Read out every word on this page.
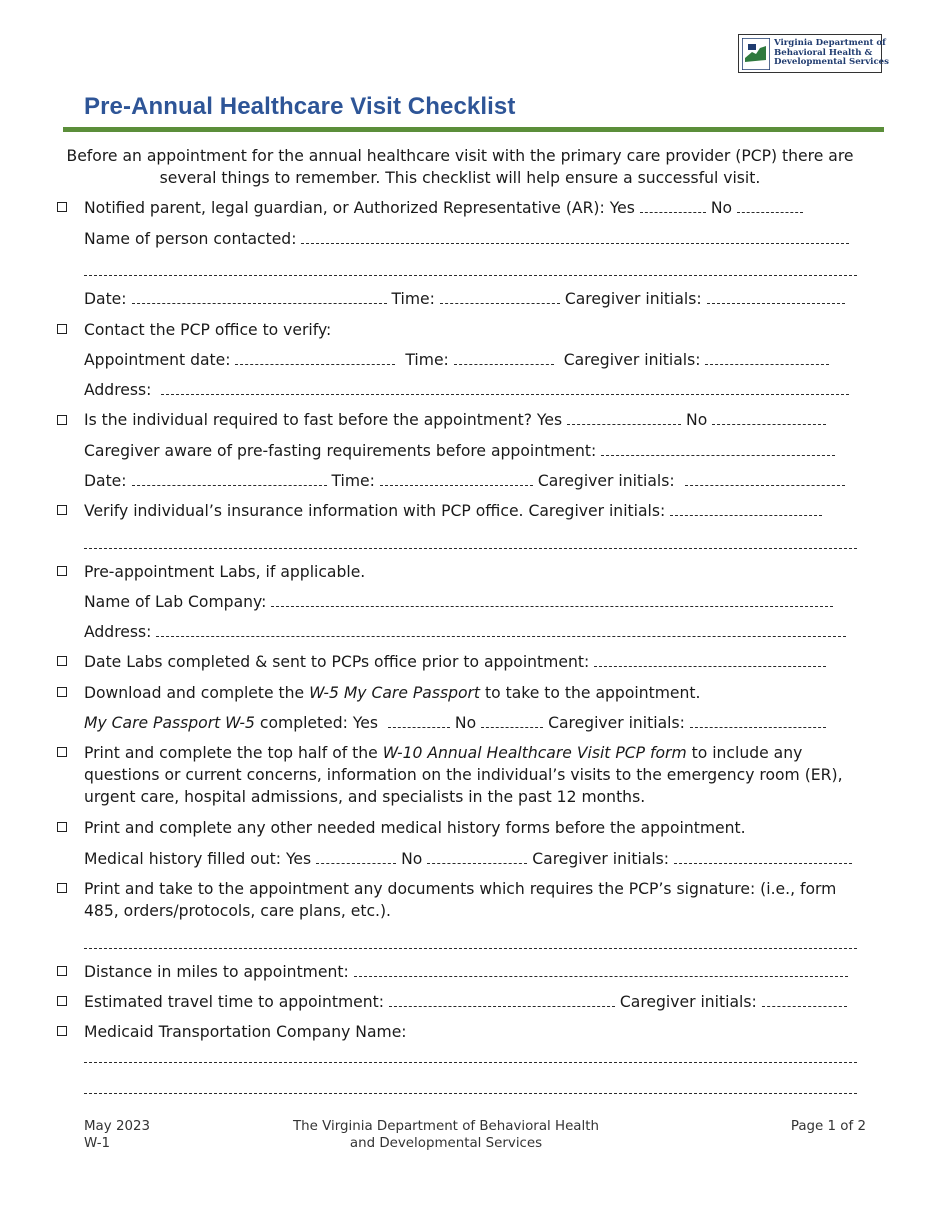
Virginia Department of
Behavioral Health &
Developmental Services
Pre-Annual Healthcare Visit Checklist

Before an appointment for the annual healthcare visit with the primary care provider (PCP) there are several things to remember. This checklist will help ensure a successful visit.

Notified parent, legal guardian, or Authorized Representative (AR): Yes	No
Name of person contacted:
Date:	Time:	Caregiver initials:
Contact the PCP office to verify:
Appointment date:	Time:	Caregiver initials:
Address:
Is the individual required to fast before the appointment? Yes	No
Caregiver aware of pre-fasting requirements before appointment:
Date:	Time:	Caregiver initials:
Verify individual’s insurance information with PCP office. Caregiver initials:
Pre-appointment Labs, if applicable.
Name of Lab Company:
Address:
Date Labs completed & sent to PCPs office prior to appointment:
Download and complete the W-5 My Care Passport to take to the appointment.
My Care Passport W-5 completed: Yes	No	Caregiver initials:
Print and complete the top half of the W-10 Annual Healthcare Visit PCP form to include any questions or current concerns, information on the individual’s visits to the emergency room (ER), urgent care, hospital admissions, and specialists in the past 12 months.
Print and complete any other needed medical history forms before the appointment.
Medical history filled out: Yes	No	Caregiver initials:
Print and take to the appointment any documents which requires the PCP’s signature: (i.e., form 485, orders/protocols, care plans, etc.).
Distance in miles to appointment:
Estimated travel time to appointment:	Caregiver initials:
Medicaid Transportation Company Name:
May 2023
W-1
The Virginia Department of Behavioral Health
and Developmental Services
Page 1 of 2
